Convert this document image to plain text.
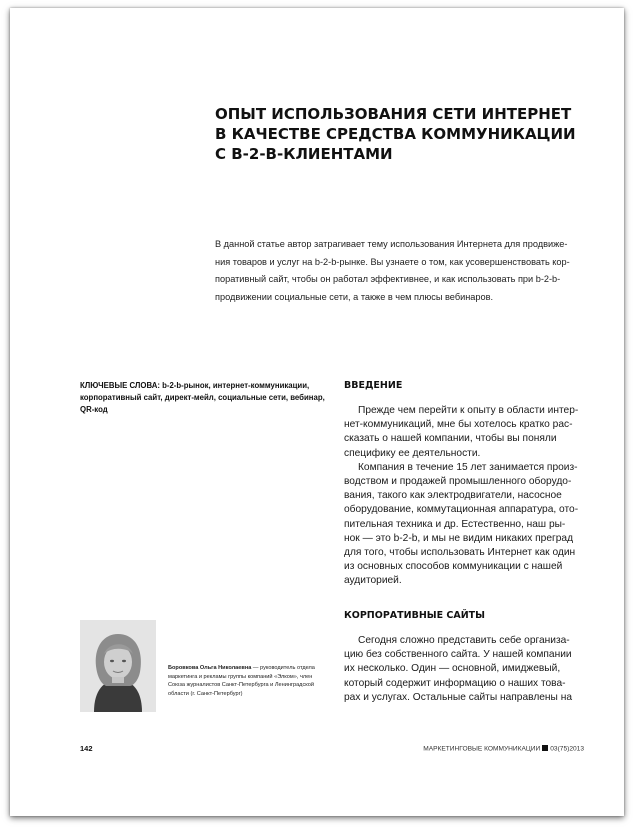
ОПЫТ ИСПОЛЬЗОВАНИЯ СЕТИ ИНТЕРНЕТ
В КАЧЕСТВЕ СРЕДСТВА КОММУНИКАЦИИ
С B-2-B-КЛИЕНТАМИ
В данной статье автор затрагивает тему использования Интернета для продвиже-
ния товаров и услуг на b-2-b-рынке. Вы узнаете о том, как усовершенствовать кор-
поративный сайт, чтобы он работал эффективнее, и как использовать при b-2-b-
продвижении социальные сети, а также в чем плюсы вебинаров.
КЛЮЧЕВЫЕ СЛОВА: b-2-b-рынок, интернет-коммуникации,
корпоративный сайт, директ-мейл, социальные сети, вебинар,
QR-код
ВВЕДЕНИЕ
Прежде чем перейти к опыту в области интер-
нет-коммуникаций, мне бы хотелось кратко рас-
сказать о нашей компании, чтобы вы поняли
специфику ее деятельности.
Компания в течение 15 лет занимается произ-
водством и продажей промышленного оборудо-
вания, такого как электродвигатели, насосное
оборудование, коммутационная аппаратура, ото-
пительная техника и др. Естественно, наш ры-
нок — это b-2-b, и мы не видим никаких преград
для того, чтобы использовать Интернет как один
из основных способов коммуникации с нашей
аудиторией.
КОРПОРАТИВНЫЕ САЙТЫ
Сегодня сложно представить себе организа-
цию без собственного сайта. У нашей компании
их несколько. Один — основной, имиджевый,
который содержит информацию о наших това-
рах и услугах. Остальные сайты направлены на
Боровкова Ольга Николаевна — руководитель отдела
маркетинга и рекламы группы компаний «Элком», член
Союза журналистов Санкт-Петербурга и Ленинградской
области (г. Санкт-Петербург)
142	МАРКЕТИНГОВЫЕ КОММУНИКАЦИИ 03(75)2013
